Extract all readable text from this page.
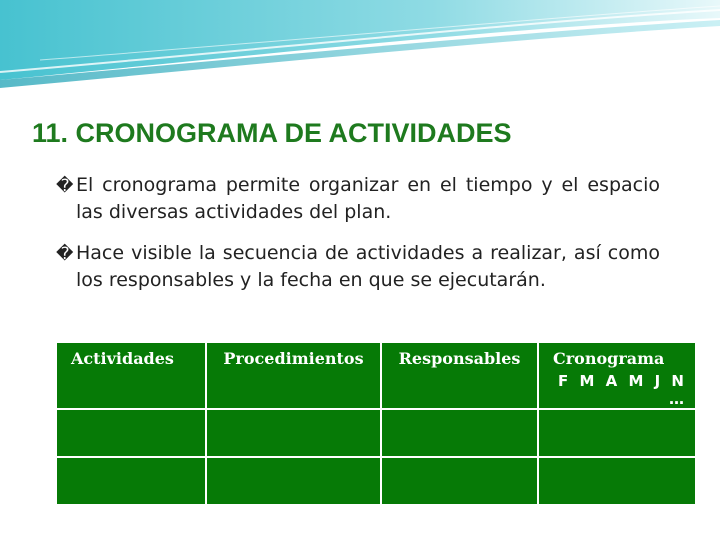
11. CRONOGRAMA DE ACTIVIDADES
� El cronograma permite organizar en el tiempo y el espacio las diversas actividades del plan.
� Hace visible la secuencia de actividades a realizar, así como los responsables y la fecha en que se ejecutarán.
Actividades	Procedimientos	Responsables	Cronograma
F M A M J N …
